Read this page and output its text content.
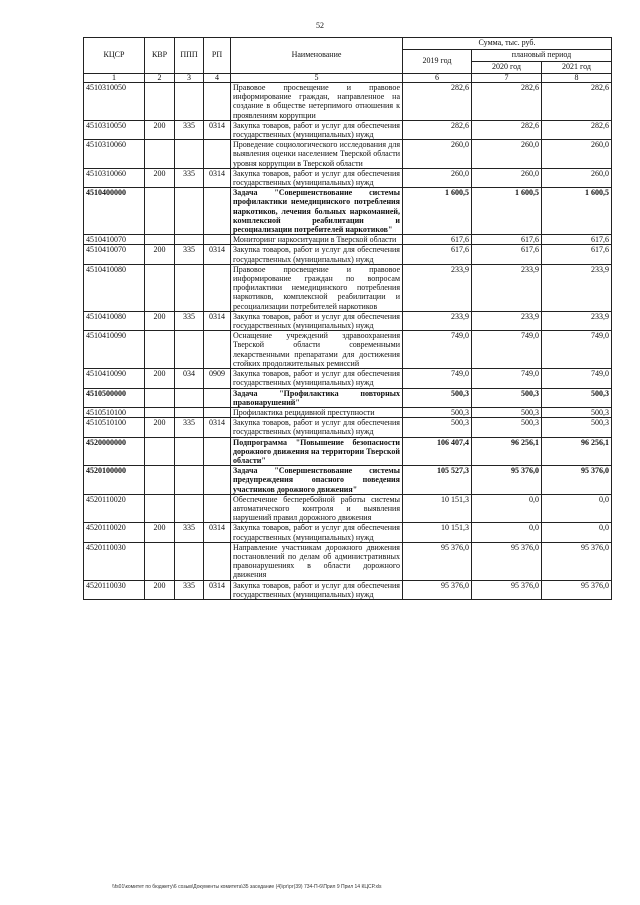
52
КЦСР	КВР	ППП	РП	Наименование	Сумма, тыс. руб.		
					2019 год	плановый период	
						2020 год	2021 год
1	2	3	4	5	6	7	8
4510310050				Правовое просвещение и правовое информирование граждан, направленное на создание в обществе нетерпимого отношения к проявлениям коррупции	282,6	282,6	282,6
4510310050	200	335	0314	Закупка товаров, работ и услуг для обеспечения государственных (муниципальных) нужд	282,6	282,6	282,6
4510310060				Проведение социологического исследования для выявления оценки населением Тверской области уровня коррупции в Тверской области	260,0	260,0	260,0
4510310060	200	335	0314	Закупка товаров, работ и услуг для обеспечения государственных (муниципальных) нужд	260,0	260,0	260,0
4510400000				Задача "Совершенствование системы профилактики немедицинского потребления наркотиков, лечения больных наркоманией, комплексной реабилитации и ресоциализации потребителей наркотиков"	1 600,5	1 600,5	1 600,5
4510410070				Мониторинг наркоситуации в Тверской области	617,6	617,6	617,6
4510410070	200	335	0314	Закупка товаров, работ и услуг для обеспечения государственных (муниципальных) нужд	617,6	617,6	617,6
4510410080				Правовое просвещение и правовое информирование граждан по вопросам профилактики немедицинского потребления наркотиков, комплексной реабилитации и ресоциализации потребителей наркотиков	233,9	233,9	233,9
4510410080	200	335	0314	Закупка товаров, работ и услуг для обеспечения государственных (муниципальных) нужд	233,9	233,9	233,9
4510410090				Оснащение учреждений здравоохранения Тверской области современными лекарственными препаратами для достижения стойких продолжительных ремиссий	749,0	749,0	749,0
4510410090	200	034	0909	Закупка товаров, работ и услуг для обеспечения государственных (муниципальных) нужд	749,0	749,0	749,0
4510500000				Задача "Профилактика повторных правонарушений"	500,3	500,3	500,3
4510510100				Профилактика рецидивной преступности	500,3	500,3	500,3
4510510100	200	335	0314	Закупка товаров, работ и услуг для обеспечения государственных (муниципальных) нужд	500,3	500,3	500,3
4520000000				Подпрограмма "Повышение безопасности дорожного движения на территории Тверской области"	106 407,4	96 256,1	96 256,1
4520100000				Задача "Совершенствование системы предупреждения опасного поведения участников дорожного движения"	105 527,3	95 376,0	95 376,0
4520110020				Обеспечение бесперебойной работы системы автоматического контроля и выявления нарушений правил дорожного движения	10 151,3	0,0	0,0
4520110020	200	335	0314	Закупка товаров, работ и услуг для обеспечения государственных (муниципальных) нужд	10 151,3	0,0	0,0
4520110030				Направление участникам дорожного движения постановлений по делам об административных правонарушениях в области дорожного движения	95 376,0	95 376,0	95 376,0
4520110030	200	335	0314	Закупка товаров, работ и услуг для обеспечения государственных (муниципальных) нужд	95 376,0	95 376,0	95 376,0
\\fs01\комитет по бюджету\6 созыв\Документы комитета\35 заседание (4)\рг\рг(39) 734-П-6\Прил 9 Прил 14 КЦСР.xls
